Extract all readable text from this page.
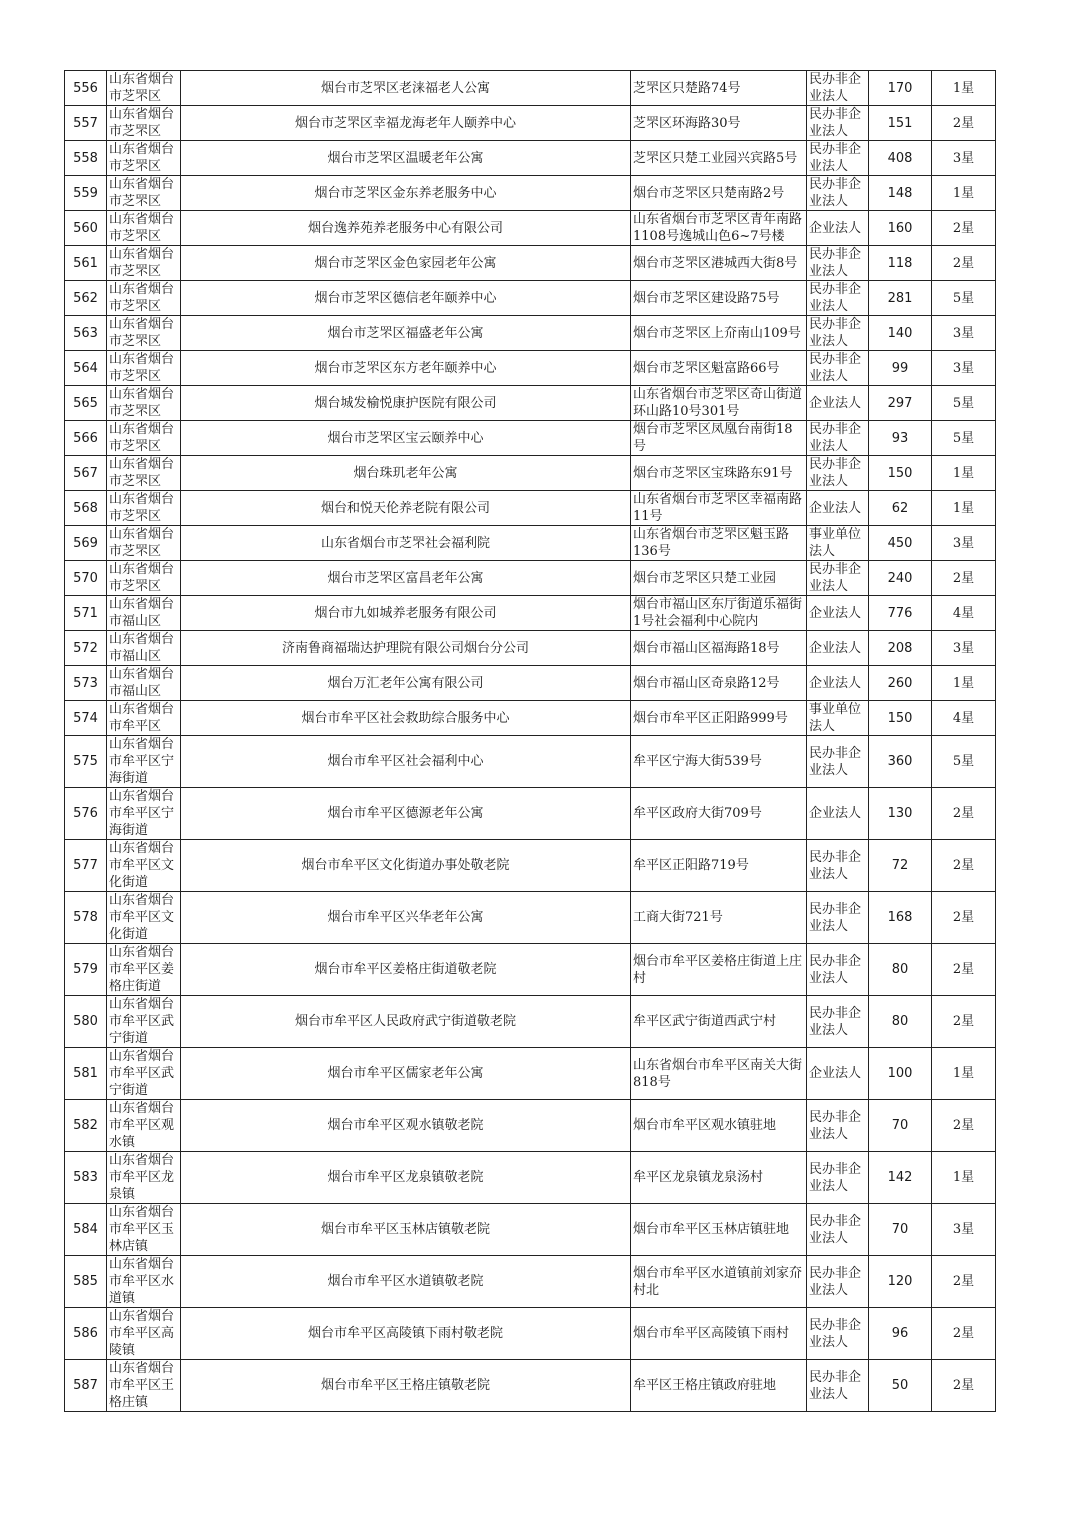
556	山东省烟台市芝罘区	烟台市芝罘区老涞福老人公寓	芝罘区只楚路74号	民办非企业法人	170	1星
557	山东省烟台市芝罘区	烟台市芝罘区幸福龙海老年人颐养中心	芝罘区环海路30号	民办非企业法人	151	2星
558	山东省烟台市芝罘区	烟台市芝罘区温暖老年公寓	芝罘区只楚工业园兴宾路5号	民办非企业法人	408	3星
559	山东省烟台市芝罘区	烟台市芝罘区金东养老服务中心	烟台市芝罘区只楚南路2号	民办非企业法人	148	1星
560	山东省烟台市芝罘区	烟台逸养苑养老服务中心有限公司	山东省烟台市芝罘区青年南路1108号逸城山色6~7号楼	企业法人	160	2星
561	山东省烟台市芝罘区	烟台市芝罘区金色家园老年公寓	烟台市芝罘区港城西大街8号	民办非企业法人	118	2星
562	山东省烟台市芝罘区	烟台市芝罘区德信老年颐养中心	烟台市芝罘区建设路75号	民办非企业法人	281	5星
563	山东省烟台市芝罘区	烟台市芝罘区福盛老年公寓	烟台市芝罘区上夼南山109号	民办非企业法人	140	3星
564	山东省烟台市芝罘区	烟台市芝罘区东方老年颐养中心	烟台市芝罘区魁富路66号	民办非企业法人	99	3星
565	山东省烟台市芝罘区	烟台城发榆悦康护医院有限公司	山东省烟台市芝罘区奇山街道环山路10号301号	企业法人	297	5星
566	山东省烟台市芝罘区	烟台市芝罘区宝云颐养中心	烟台市芝罘区凤凰台南街18号	民办非企业法人	93	5星
567	山东省烟台市芝罘区	烟台珠玑老年公寓	烟台市芝罘区宝珠路东91号	民办非企业法人	150	1星
568	山东省烟台市芝罘区	烟台和悦天伦养老院有限公司	山东省烟台市芝罘区幸福南路11号	企业法人	62	1星
569	山东省烟台市芝罘区	山东省烟台市芝罘社会福利院	山东省烟台市芝罘区魁玉路136号	事业单位法人	450	3星
570	山东省烟台市芝罘区	烟台市芝罘区富昌老年公寓	烟台市芝罘区只楚工业园	民办非企业法人	240	2星
571	山东省烟台市福山区	烟台市九如城养老服务有限公司	烟台市福山区东厅街道乐福街1号社会福利中心院内	企业法人	776	4星
572	山东省烟台市福山区	济南鲁商福瑞达护理院有限公司烟台分公司	烟台市福山区福海路18号	企业法人	208	3星
573	山东省烟台市福山区	烟台万汇老年公寓有限公司	烟台市福山区奇泉路12号	企业法人	260	1星
574	山东省烟台市牟平区	烟台市牟平区社会救助综合服务中心	烟台市牟平区正阳路999号	事业单位法人	150	4星
575	山东省烟台市牟平区宁海街道	烟台市牟平区社会福利中心	牟平区宁海大街539号	民办非企业法人	360	5星
576	山东省烟台市牟平区宁海街道	烟台市牟平区德源老年公寓	牟平区政府大街709号	企业法人	130	2星
577	山东省烟台市牟平区文化街道	烟台市牟平区文化街道办事处敬老院	牟平区正阳路719号	民办非企业法人	72	2星
578	山东省烟台市牟平区文化街道	烟台市牟平区兴华老年公寓	工商大街721号	民办非企业法人	168	2星
579	山东省烟台市牟平区姜格庄街道	烟台市牟平区姜格庄街道敬老院	烟台市牟平区姜格庄街道上庄村	民办非企业法人	80	2星
580	山东省烟台市牟平区武宁街道	烟台市牟平区人民政府武宁街道敬老院	牟平区武宁街道西武宁村	民办非企业法人	80	2星
581	山东省烟台市牟平区武宁街道	烟台市牟平区儒家老年公寓	山东省烟台市牟平区南关大街818号	企业法人	100	1星
582	山东省烟台市牟平区观水镇	烟台市牟平区观水镇敬老院	烟台市牟平区观水镇驻地	民办非企业法人	70	2星
583	山东省烟台市牟平区龙泉镇	烟台市牟平区龙泉镇敬老院	牟平区龙泉镇龙泉汤村	民办非企业法人	142	1星
584	山东省烟台市牟平区玉林店镇	烟台市牟平区玉林店镇敬老院	烟台市牟平区玉林店镇驻地	民办非企业法人	70	3星
585	山东省烟台市牟平区水道镇	烟台市牟平区水道镇敬老院	烟台市牟平区水道镇前刘家夼村北	民办非企业法人	120	2星
586	山东省烟台市牟平区高陵镇	烟台市牟平区高陵镇下雨村敬老院	烟台市牟平区高陵镇下雨村	民办非企业法人	96	2星
587	山东省烟台市牟平区王格庄镇	烟台市牟平区王格庄镇敬老院	牟平区王格庄镇政府驻地	民办非企业法人	50	2星
